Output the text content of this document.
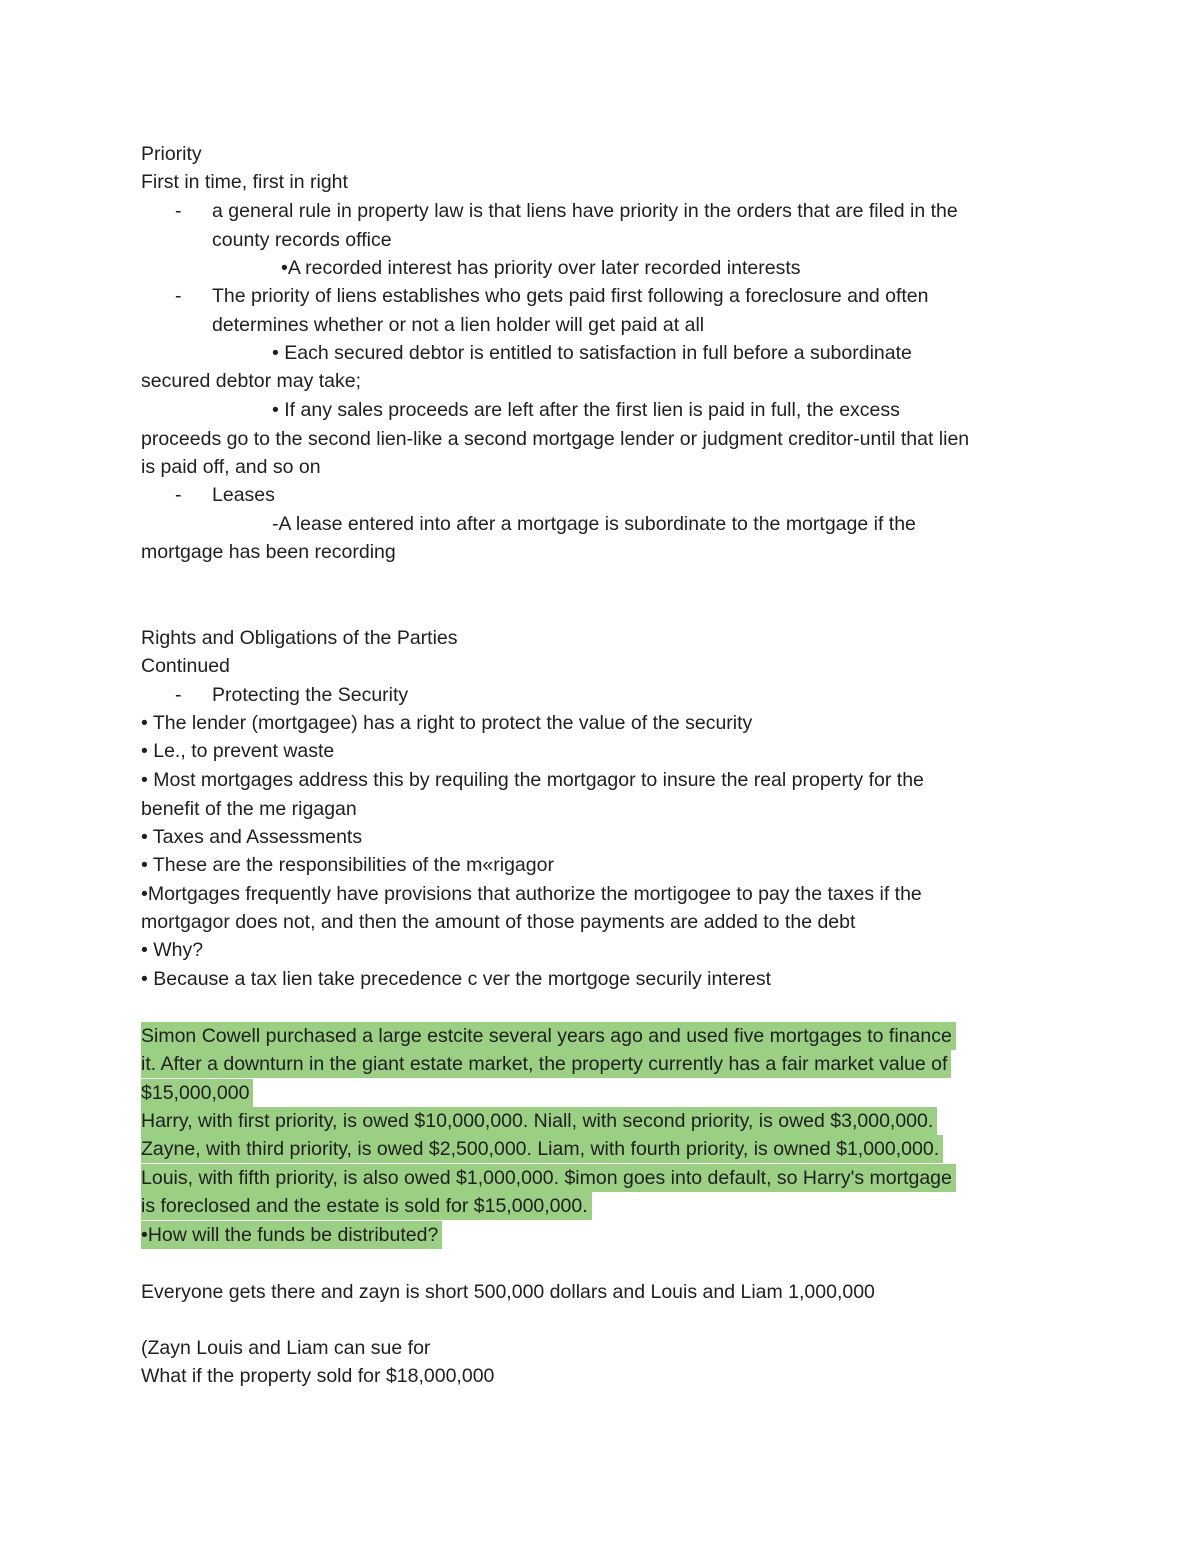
Priority
First in time, first in right
- a general rule in property law is that liens have priority in the orders that are filed in the
county records office
•A recorded interest has priority over later recorded interests
- The priority of liens establishes who gets paid first following a foreclosure and often
determines whether or not a lien holder will get paid at all
• Each secured debtor is entitled to satisfaction in full before a subordinate
secured debtor may take;
• If any sales proceeds are left after the first lien is paid in full, the excess
proceeds go to the second lien-like a second mortgage lender or judgment creditor-until that lien
is paid off, and so on
- Leases
-A lease entered into after a mortgage is subordinate to the mortgage if the
mortgage has been recording
Rights and Obligations of the Parties
Continued
- Protecting the Security
• The lender (mortgagee) has a right to protect the value of the security
• Le., to prevent waste
• Most mortgages address this by requiling the mortgagor to insure the real property for the
benefit of the me rigagan
• Taxes and Assessments
• These are the responsibilities of the m«rigagor
•Mortgages frequently have provisions that authorize the mortigogee to pay the taxes if the
mortgagor does not, and then the amount of those payments are added to the debt
• Why?
• Because a tax lien take precedence c ver the mortgoge securily interest
Simon Cowell purchased a large estcite several years ago and used five mortgages to finance
it. After a downturn in the giant estate market, the property currently has a fair market value of
$15,000,000
Harry, with first priority, is owed $10,000,000. Niall, with second priority, is owed $3,000,000.
Zayne, with third priority, is owed $2,500,000. Liam, with fourth priority, is owned $1,000,000.
Louis, with fifth priority, is also owed $1,000,000. $imon goes into default, so Harry's mortgage
is foreclosed and the estate is sold for $15,000,000.
•How will the funds be distributed?
Everyone gets there and zayn is short 500,000 dollars and Louis and Liam 1,000,000
(Zayn Louis and Liam can sue for
What if the property sold for $18,000,000
